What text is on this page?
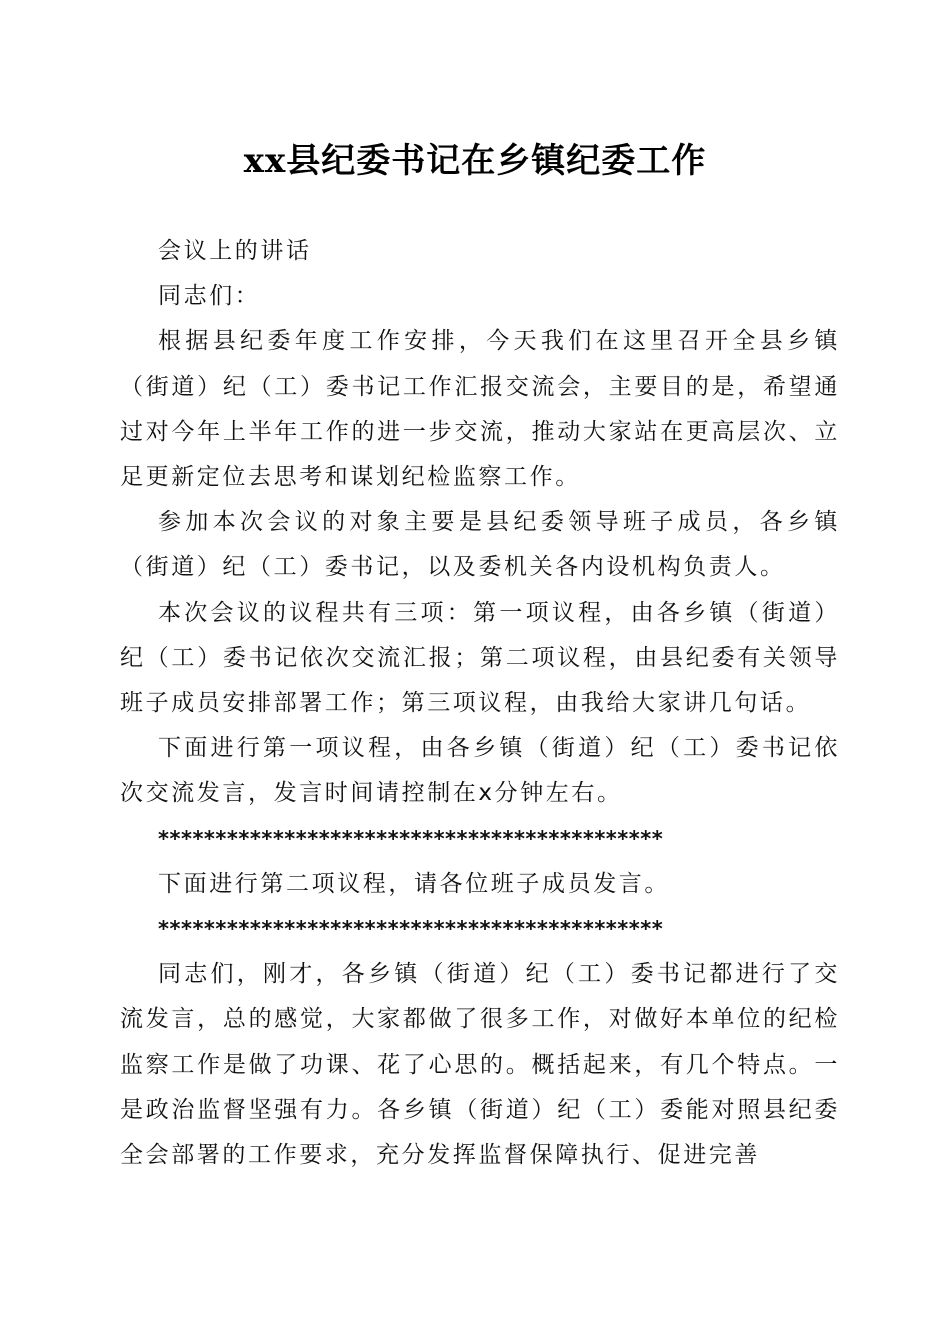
xx县纪委书记在乡镇纪委工作

会议上的讲话

同志们：

根据县纪委年度工作安排，今天我们在这里召开全县乡镇（街道）纪（工）委书记工作汇报交流会，主要目的是，希望通过对今年上半年工作的进一步交流，推动大家站在更高层次、立足更新定位去思考和谋划纪检监察工作。

参加本次会议的对象主要是县纪委领导班子成员，各乡镇（街道）纪（工）委书记，以及委机关各内设机构负责人。

本次会议的议程共有三项：第一项议程，由各乡镇（街道）纪（工）委书记依次交流汇报；第二项议程，由县纪委有关领导班子成员安排部署工作；第三项议程，由我给大家讲几句话。

下面进行第一项议程，由各乡镇（街道）纪（工）委书记依次交流发言，发言时间请控制在x分钟左右。

********************************************

下面进行第二项议程，请各位班子成员发言。

********************************************

同志们，刚才，各乡镇（街道）纪（工）委书记都进行了交流发言，总的感觉，大家都做了很多工作，对做好本单位的纪检监察工作是做了功课、花了心思的。概括起来，有几个特点。一是政治监督坚强有力。各乡镇（街道）纪（工）委能对照县纪委全会部署的工作要求，充分发挥监督保障执行、促进完善
